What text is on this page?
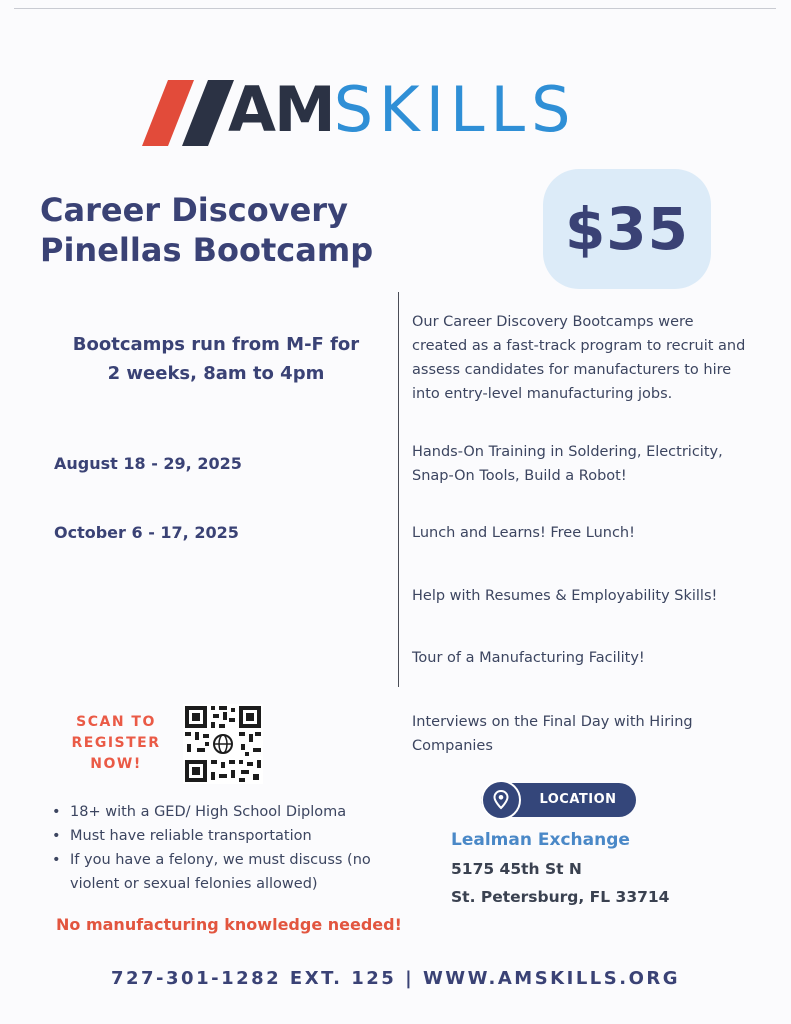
AMSKILLS
Career Discovery
Pinellas Bootcamp	$35
Bootcamps run from M-F for
2 weeks, 8am to 4pm
August 18 - 29, 2025
October 6 - 17, 2025
Our Career Discovery Bootcamps were created as a fast-track program to recruit and assess candidates for manufacturers to hire into entry-level manufacturing jobs.
Hands-On Training in Soldering, Electricity, Snap-On Tools, Build a Robot!
Lunch and Learns! Free Lunch!
Help with Resumes & Employability Skills!
Tour of a Manufacturing Facility!
Interviews on the Final Day with Hiring Companies
SCAN TO
REGISTER
NOW!
• 18+ with a GED/ High School Diploma
• Must have reliable transportation
• If you have a felony, we must discuss (no violent or sexual felonies allowed)
No manufacturing knowledge needed!
LOCATION
Lealman Exchange
5175 45th St N
St. Petersburg, FL 33714
727-301-1282 EXT. 125 | WWW.AMSKILLS.ORG
